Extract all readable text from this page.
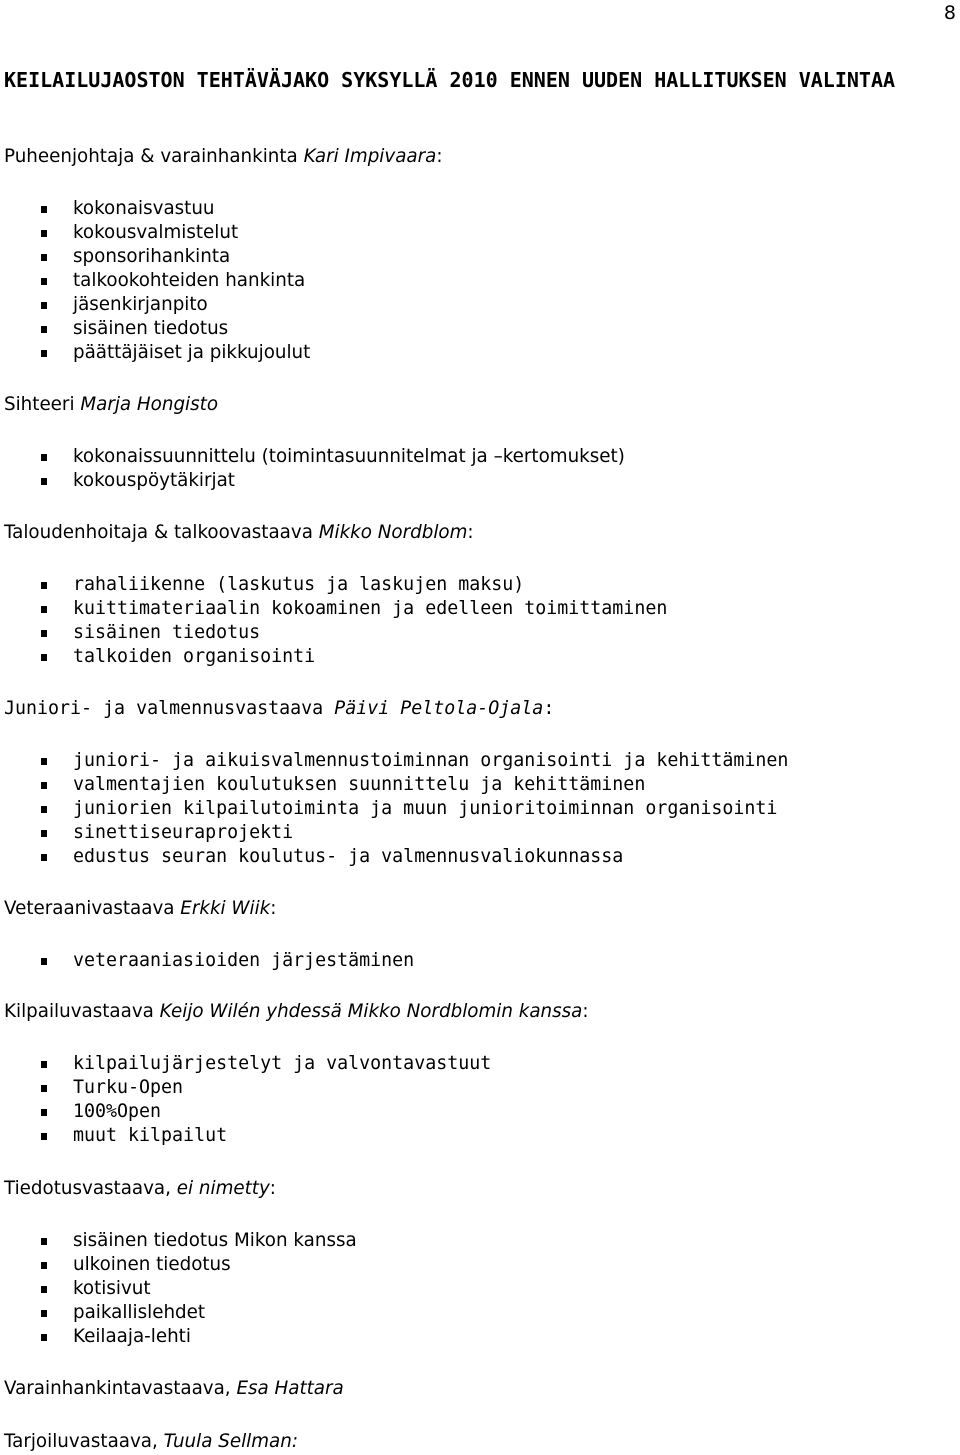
8
KEILAILUJAOSTON TEHTÄVÄJAKO SYKSYLLÄ 2010 ENNEN UUDEN HALLITUKSEN VALINTAA
Puheenjohtaja & varainhankinta Kari Impivaara:
kokonaisvastuu
kokousvalmistelut
sponsorihankinta
talkookohteiden hankinta
jäsenkirjanpito
sisäinen tiedotus
päättäjäiset ja pikkujoulut
Sihteeri Marja Hongisto
kokonaissuunnittelu (toimintasuunnitelmat ja –kertomukset)
kokouspöytäkirjat
Taloudenhoitaja & talkoovastaava Mikko Nordblom:
rahaliikenne (laskutus ja laskujen maksu)
kuittimateriaalin kokoaminen ja edelleen toimittaminen
sisäinen tiedotus
talkoiden organisointi
Juniori- ja valmennusvastaava Päivi Peltola-Ojala:
juniori- ja aikuisvalmennustoiminnan organisointi ja kehittäminen
valmentajien koulutuksen suunnittelu ja kehittäminen
juniorien kilpailutoiminta ja muun junioritoiminnan organisointi
sinettiseuraprojekti
edustus seuran koulutus- ja valmennusvaliokunnassa
Veteraanivastaava Erkki Wiik:
veteraaniasioiden järjestäminen
Kilpailuvastaava Keijo Wilén yhdessä Mikko Nordblomin kanssa:
kilpailujärjestelyt ja valvontavastuut
Turku-Open
100%Open
muut kilpailut
Tiedotusvastaava, ei nimetty:
sisäinen tiedotus Mikon kanssa
ulkoinen tiedotus
kotisivut
paikallislehdet
Keilaaja-lehti
Varainhankintavastaava, Esa Hattara
Tarjoiluvastaava, Tuula Sellman:
